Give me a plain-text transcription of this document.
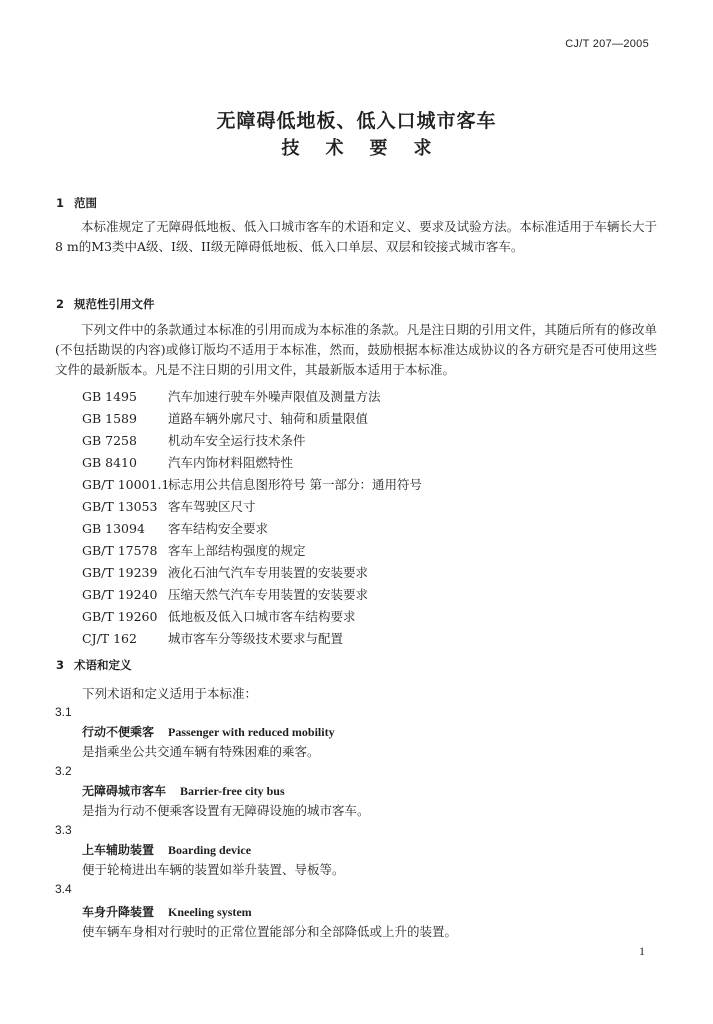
CJ/T 207—2005
无障碍低地板、低入口城市客车
技术要求
1 范围
本标准规定了无障碍低地板、低入口城市客车的术语和定义、要求及试验方法。本标准适用于车辆长大于8 m的M3类中A级、I级、II级无障碍低地板、低入口单层、双层和铰接式城市客车。
2 规范性引用文件
下列文件中的条款通过本标准的引用而成为本标准的条款。凡是注日期的引用文件，其随后所有的修改单(不包括勘误的内容)或修订版均不适用于本标准，然而，鼓励根据本标准达成协议的各方研究是否可使用这些文件的最新版本。凡是不注日期的引用文件，其最新版本适用于本标准。
GB 1495 汽车加速行驶车外噪声限值及测量方法
GB 1589 道路车辆外廓尺寸、轴荷和质量限值
GB 7258 机动车安全运行技术条件
GB 8410 汽车内饰材料阻燃特性
GB/T 10001.1标志用公共信息图形符号 第一部分：通用符号
GB/T 13053 客车驾驶区尺寸
GB 13094 客车结构安全要求
GB/T 17578 客车上部结构强度的规定
GB/T 19239 液化石油气汽车专用装置的安装要求
GB/T 19240 压缩天然气汽车专用装置的安装要求
GB/T 19260 低地板及低入口城市客车结构要求
CJ/T 162 城市客车分等级技术要求与配置
3 术语和定义
下列术语和定义适用于本标准：
3.1
行动不便乘客 Passenger with reduced mobility
是指乘坐公共交通车辆有特殊困难的乘客。
3.2
无障碍城市客车 Barrier-free city bus
是指为行动不便乘客设置有无障碍设施的城市客车。
3.3
上车辅助装置 Boarding device
便于轮椅进出车辆的装置如举升装置、导板等。
3.4
车身升降装置 Kneeling system
使车辆车身相对行驶时的正常位置能部分和全部降低或上升的装置。
1
